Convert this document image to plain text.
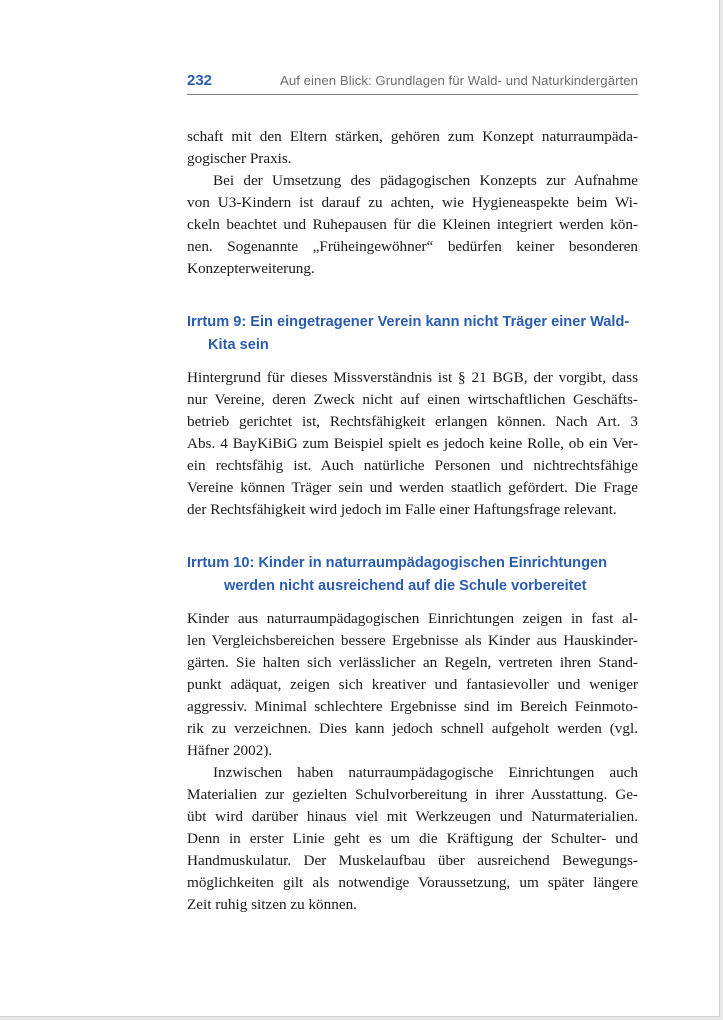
232	Auf einen Blick: Grundlagen für Wald- und Naturkindergärten
schaft mit den Eltern stärken, gehören zum Konzept naturraumpäda-
gogischer Praxis.
Bei der Umsetzung des pädagogischen Konzepts zur Aufnahme
von U3-Kindern ist darauf zu achten, wie Hygieneaspekte beim Wi-
ckeln beachtet und Ruhepausen für die Kleinen integriert werden kön-
nen. Sogenannte „Früheingewöhner“ bedürfen keiner besonderen
Konzepterweiterung.
Irrtum 9: Ein eingetragener Verein kann nicht Träger einer Wald-
Kita sein
Hintergrund für dieses Missverständnis ist § 21 BGB, der vorgibt, dass
nur Vereine, deren Zweck nicht auf einen wirtschaftlichen Geschäfts-
betrieb gerichtet ist, Rechtsfähigkeit erlangen können. Nach Art. 3
Abs. 4 BayKiBiG zum Beispiel spielt es jedoch keine Rolle, ob ein Ver-
ein rechtsfähig ist. Auch natürliche Personen und nichtrechtsfähige
Vereine können Träger sein und werden staatlich gefördert. Die Frage
der Rechtsfähigkeit wird jedoch im Falle einer Haftungsfrage relevant.
Irrtum 10: Kinder in naturraumpädagogischen Einrichtungen
werden nicht ausreichend auf die Schule vorbereitet
Kinder aus naturraumpädagogischen Einrichtungen zeigen in fast al-
len Vergleichsbereichen bessere Ergebnisse als Kinder aus Hauskinder-
gärten. Sie halten sich verlässlicher an Regeln, vertreten ihren Stand-
punkt adäquat, zeigen sich kreativer und fantasievoller und weniger
aggressiv. Minimal schlechtere Ergebnisse sind im Bereich Feinmoto-
rik zu verzeichnen. Dies kann jedoch schnell aufgeholt werden (vgl.
Häfner 2002).
Inzwischen haben naturraumpädagogische Einrichtungen auch
Materialien zur gezielten Schulvorbereitung in ihrer Ausstattung. Ge-
übt wird darüber hinaus viel mit Werkzeugen und Naturmaterialien.
Denn in erster Linie geht es um die Kräftigung der Schulter- und
Handmuskulatur. Der Muskelaufbau über ausreichend Bewegungs-
möglichkeiten gilt als notwendige Voraussetzung, um später längere
Zeit ruhig sitzen zu können.
